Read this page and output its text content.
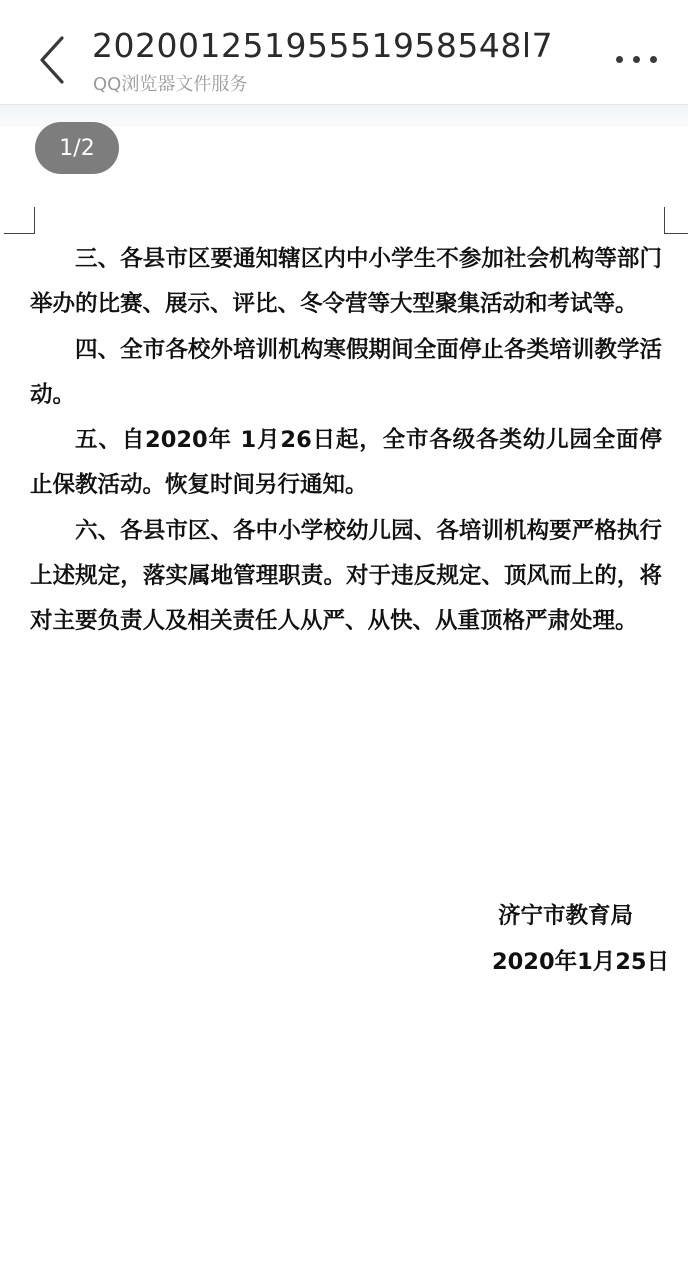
20200125195551958548l7
QQ浏览器文件服务
1/2

三、各县市区要通知辖区内中小学生不参加社会机构等部门举办的比赛、展示、评比、冬令营等大型聚集活动和考试等。

四、全市各校外培训机构寒假期间全面停止各类培训教学活动。

五、自2020年 1月26日起，全市各级各类幼儿园全面停止保教活动。恢复时间另行通知。

六、各县市区、各中小学校幼儿园、各培训机构要严格执行上述规定，落实属地管理职责。对于违反规定、顶风而上的，将对主要负责人及相关责任人从严、从快、从重顶格严肃处理。

济宁市教育局
2020年1月25日
